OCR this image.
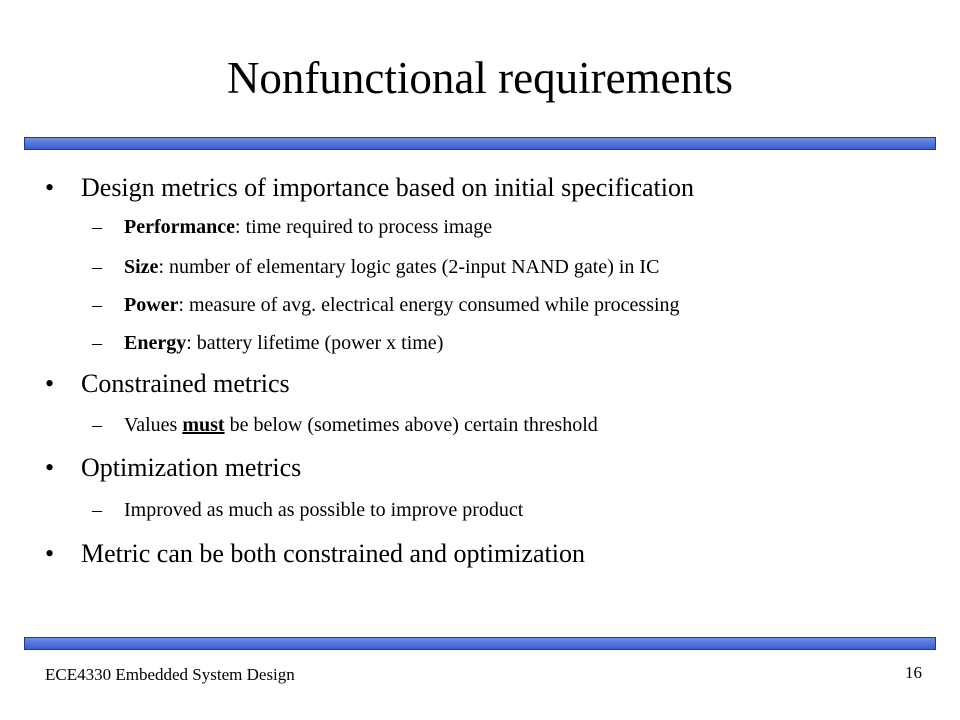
Nonfunctional requirements
• Design metrics of importance based on initial specification
– Performance: time required to process image
– Size: number of elementary logic gates (2-input NAND gate) in IC
– Power: measure of avg. electrical energy consumed while processing
– Energy: battery lifetime (power x time)
• Constrained metrics
– Values must be below (sometimes above) certain threshold
• Optimization metrics
– Improved as much as possible to improve product
• Metric can be both constrained and optimization
ECE4330 Embedded System Design	16
